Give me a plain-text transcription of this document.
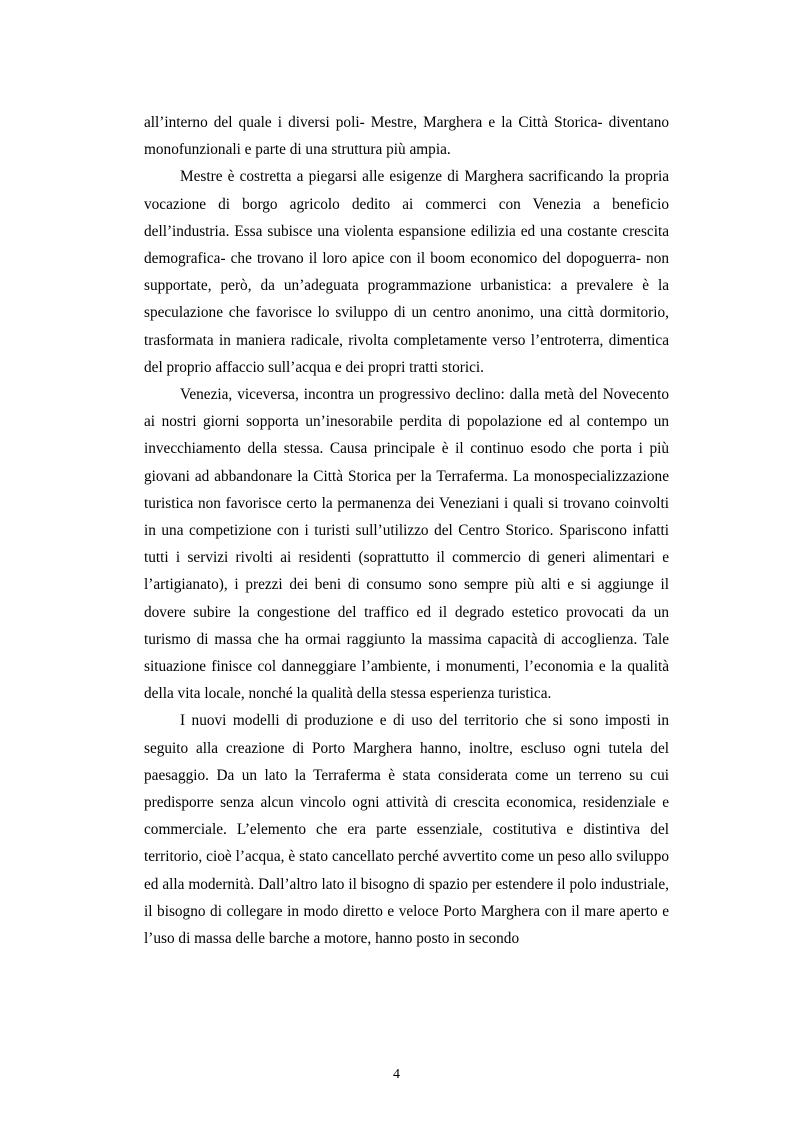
all’interno del quale i diversi poli- Mestre, Marghera e la Città Storica- diventano monofunzionali e parte di una struttura più ampia.

Mestre è costretta a piegarsi alle esigenze di Marghera sacrificando la propria vocazione di borgo agricolo dedito ai commerci con Venezia a beneficio dell’industria. Essa subisce una violenta espansione edilizia ed una costante crescita demografica- che trovano il loro apice con il boom economico del dopoguerra- non supportate, però, da un’adeguata programmazione urbanistica: a prevalere è la speculazione che favorisce lo sviluppo di un centro anonimo, una città dormitorio, trasformata in maniera radicale, rivolta completamente verso l’entroterra, dimentica del proprio affaccio sull’acqua e dei propri tratti storici.

Venezia, viceversa, incontra un progressivo declino: dalla metà del Novecento ai nostri giorni sopporta un’inesorabile perdita di popolazione ed al contempo un invecchiamento della stessa. Causa principale è il continuo esodo che porta i più giovani ad abbandonare la Città Storica per la Terraferma. La monospecializzazione turistica non favorisce certo la permanenza dei Veneziani i quali si trovano coinvolti in una competizione con i turisti sull’utilizzo del Centro Storico. Spariscono infatti tutti i servizi rivolti ai residenti (soprattutto il commercio di generi alimentari e l’artigianato), i prezzi dei beni di consumo sono sempre più alti e si aggiunge il dovere subire la congestione del traffico ed il degrado estetico provocati da un turismo di massa che ha ormai raggiunto la massima capacità di accoglienza. Tale situazione finisce col danneggiare l’ambiente, i monumenti, l’economia e la qualità della vita locale, nonché la qualità della stessa esperienza turistica.

I nuovi modelli di produzione e di uso del territorio che si sono imposti in seguito alla creazione di Porto Marghera hanno, inoltre, escluso ogni tutela del paesaggio. Da un lato la Terraferma è stata considerata come un terreno su cui predisporre senza alcun vincolo ogni attività di crescita economica, residenziale e commerciale. L’elemento che era parte essenziale, costitutiva e distintiva del territorio, cioè l’acqua, è stato cancellato perché avvertito come un peso allo sviluppo ed alla modernità. Dall’altro lato il bisogno di spazio per estendere il polo industriale, il bisogno di collegare in modo diretto e veloce Porto Marghera con il mare aperto e l’uso di massa delle barche a motore, hanno posto in secondo

4
